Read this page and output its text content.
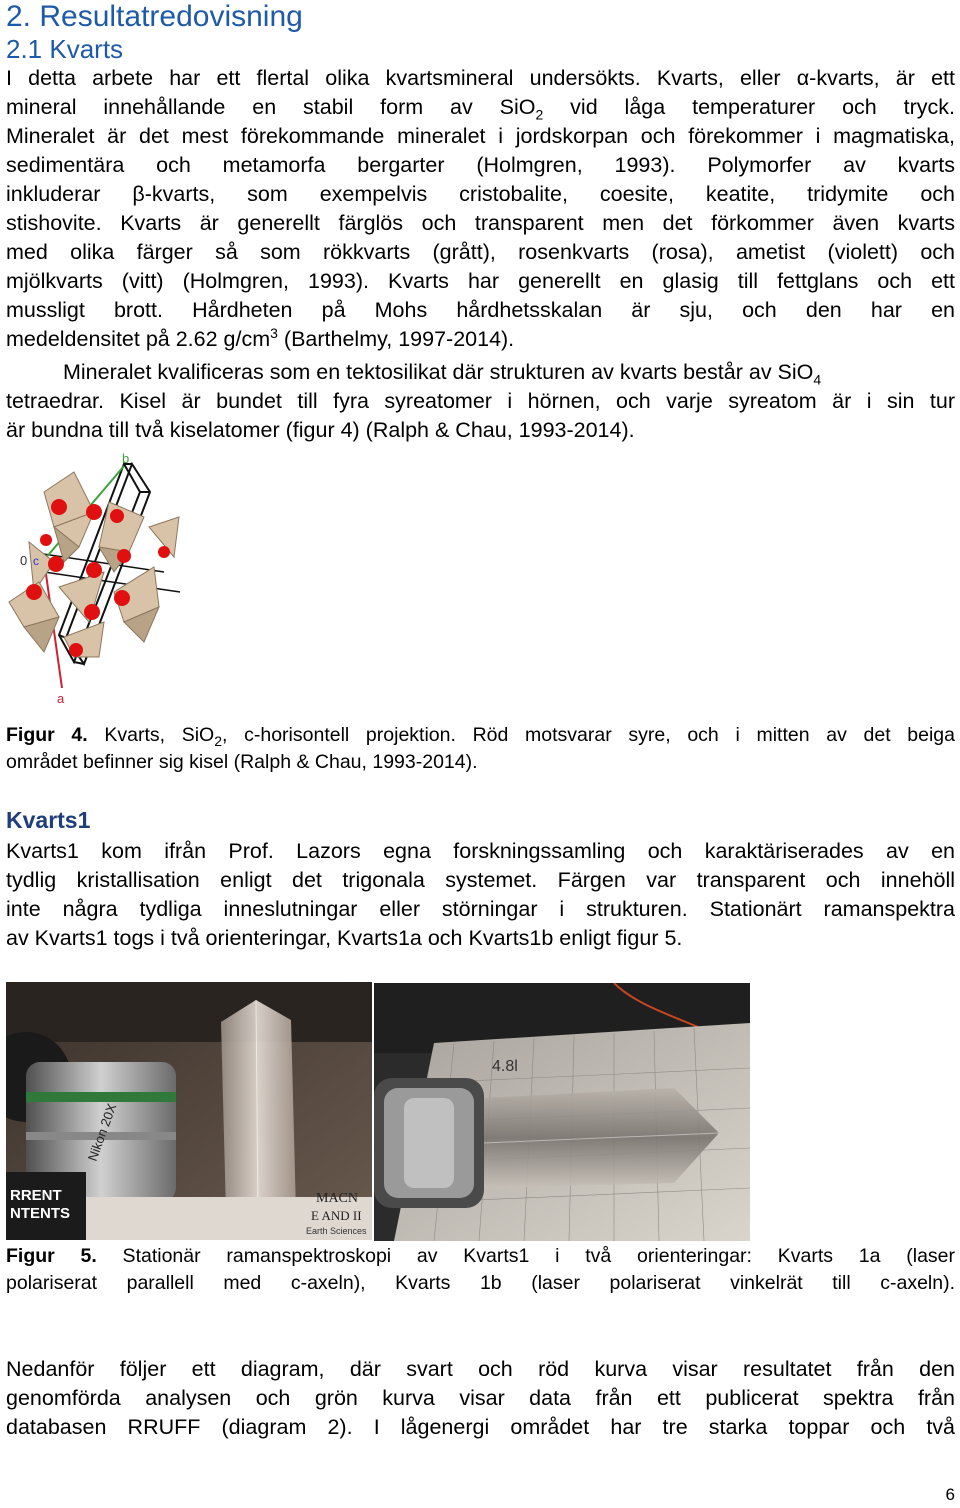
2. Resultatredovisning
2.1 Kvarts
I detta arbete har ett flertal olika kvartsmineral undersökts. Kvarts, eller α-kvarts, är ett
mineral innehållande en stabil form av SiO$_2$ vid låga temperaturer och tryck.
Mineralet är det mest förekommande mineralet i jordskorpan och förekommer i magmatiska,
sedimentära och metamorfa bergarter (Holmgren, 1993). Polymorfer av kvarts
inkluderar β-kvarts, som exempelvis cristobalite, coesite, keatite, tridymite och
stishovite. Kvarts är generellt färglös och transparent men det förkommer även kvarts
med olika färger så som rökkvarts (grått), rosenkvarts (rosa), ametist (violett) och
mjölkvarts (vitt) (Holmgren, 1993). Kvarts har generellt en glasig till fettglans och ett
mussligt brott. Hårdheten på Mohs hårdhetsskalan är sju, och den har en
medeldensitet på 2.62 $g/cm^3$ (Barthelmy, 1997-2014).
Mineralet kvalificeras som en tektosilikat där strukturen av kvarts består av SiO$_4$
tetraedrar. Kisel är bundet till fyra syreatomer i hörnen, och varje syreatom är i sin tur
är bundna till två kiselatomer (figur 4) (Ralph & Chau, 1993-2014).
b
0 c
a
Figur 4. Kvarts, SiO$_2$, c-horisontell projektion. Röd motsvarar syre, och i mitten av det beiga
området befinner sig kisel (Ralph & Chau, 1993-2014).
Kvarts1
Kvarts1 kom ifrån Prof. Lazors egna forskningssamling och karaktäriserades av en
tydlig kristallisation enligt det trigonala systemet. Färgen var transparent och innehöll
inte några tydliga inneslutningar eller störningar i strukturen. Stationärt ramanspektra
av Kvarts1 togs i två orienteringar, Kvarts1a och Kvarts1b enligt figur 5.
Nikon 20X
RRENT
NTENTS
MACN
E AND II
Earth Sciences
4.8l
Figur 5. Stationär ramanspektroskopi av Kvarts1 i två orienteringar: Kvarts 1a (laser
polariserat parallell med c-axeln), Kvarts 1b (laser polariserat vinkelrät till c-axeln).
Nedanför följer ett diagram, där svart och röd kurva visar resultatet från den
genomförda analysen och grön kurva visar data från ett publicerat spektra från
databasen RRUFF (diagram 2). I lågenergi området har tre starka toppar och två
6
